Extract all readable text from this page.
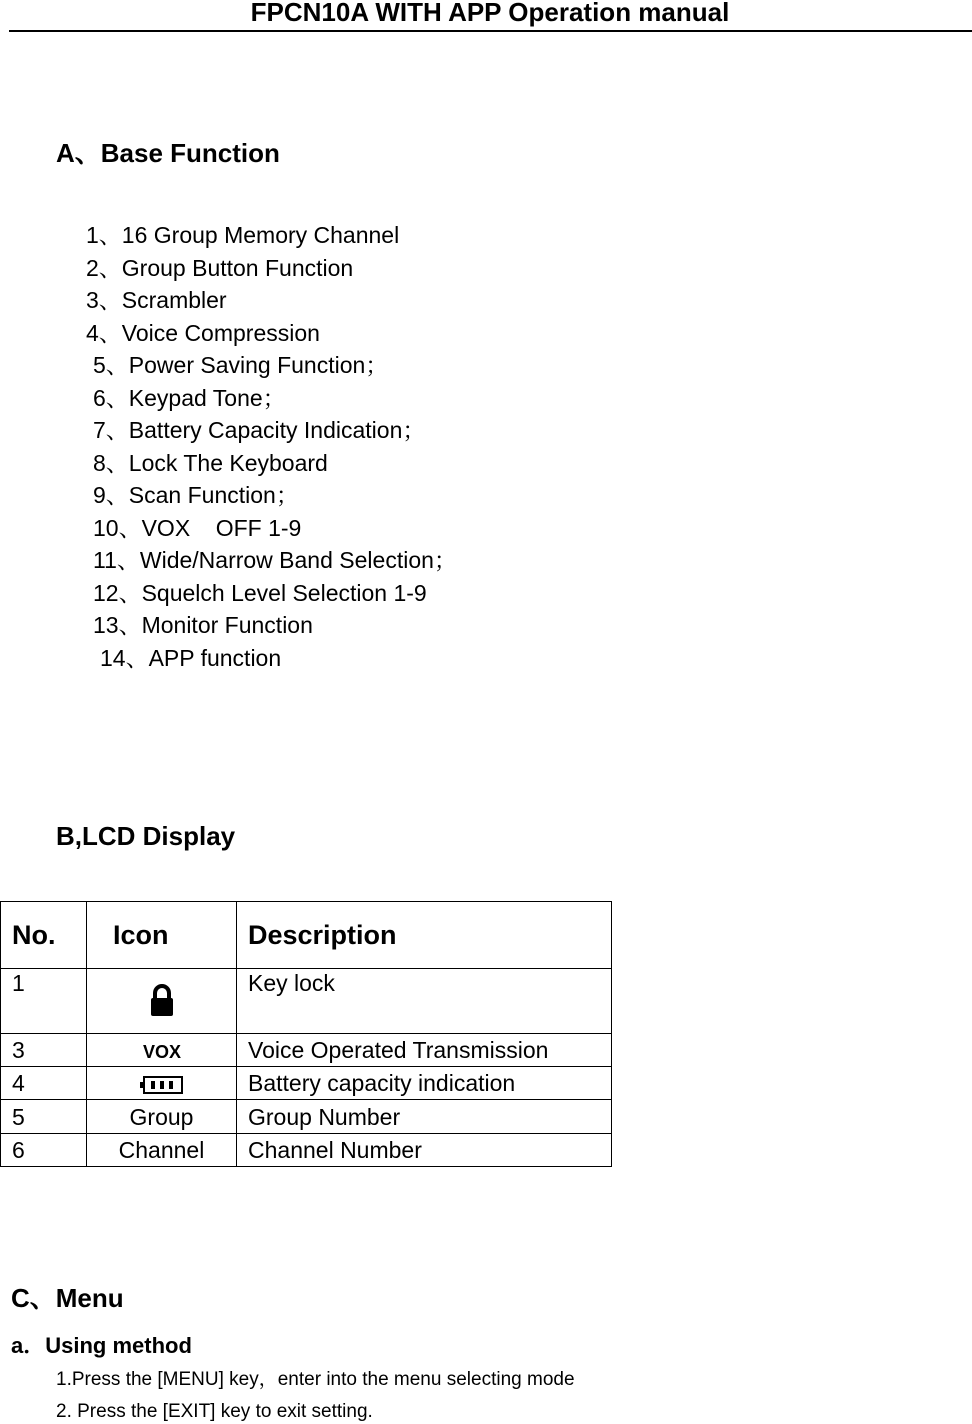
FPCN10A WITH APP Operation manual
A、Base Function
1、16 Group Memory Channel
2、Group Button Function
3、Scrambler
4、Voice Compression
5、Power Saving Function；
6、Keypad Tone；
7、Battery Capacity Indication；
8、Lock The Keyboard
9、Scan Function；
10、VOX    OFF 1-9
11、Wide/Narrow Band Selection；
12、Squelch Level Selection 1-9
13、Monitor Function
14、APP function
B,LCD Display
No.	Icon	Description
1		Key lock
3	VOX	Voice Operated Transmission
4		Battery capacity indication
5	Group	Group Number
6	Channel	Channel Number
C、Menu
a．Using method
1.Press the [MENU] key，enter into the menu selecting mode
2. Press the [EXIT] key to exit setting.
